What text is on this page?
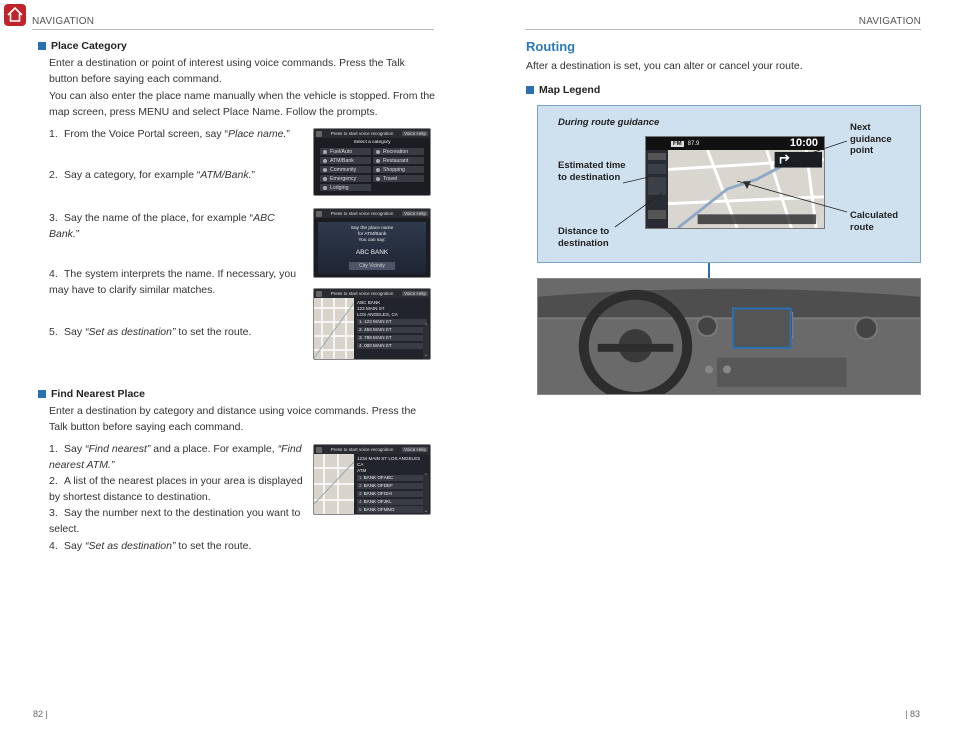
NAVIGATION	NAVIGATION
Place Category
Enter a destination or point of interest using voice commands. Press the Talk button before saying each command.
You can also enter the place name manually when the vehicle is stopped. From the map screen, press MENU and select Place Name. Follow the prompts.
1. From the Voice Portal screen, say “Place name.”
2. Say a category, for example “ATM/Bank.”
3. Say the name of the place, for example “ABC Bank.”
4. The system interprets the name. If necessary, you may have to clarify similar matches.
5. Say “Set as destination” to set the route.
Press to start voice recognition	Voice Help
Select a category
Fuel/Auto	Recreation
ATM/Bank	Restaurant
Community	Shopping
Emergency	Travel
Lodging
Press to start voice recognition	Voice Help
Say the place name
for ATM/Bank
You can say:
ABC BANK
City Vicinity
Press to start voice recognition	Voice Help
ABC BANK
123 MAIN ST
LOS ANGELES, CA
1. 123 MAIN ST
2. 456 MAIN ST
3. 789 MAIN ST
4. 000 MAIN ST
⌃
⌄
Find Nearest Place
Enter a destination by category and distance using voice commands. Press the Talk button before saying each command.
1. Say “Find nearest” and a place. For example, “Find nearest ATM.”
2. A list of the nearest places in your area is displayed by shortest distance to destination.
3. Say the number next to the destination you want to select.
4. Say “Set as destination” to set the route.
Press to start voice recognition	Voice Help
1234 MAIN ST LOS ANGELES CA
ATM
1 BANK OF ABC
2 BANK OF DEF
3 BANK OF GHI
4 BANK OF JKL
5 BANK OF MNO
⌃
⌄
Routing
After a destination is set, you can alter or cancel your route.
Map Legend
During route guidance
FM	87.9	10:00
Estimated time
to destination
Distance to
destination
Next
guidance
point
Calculated
route
82 |	| 83
